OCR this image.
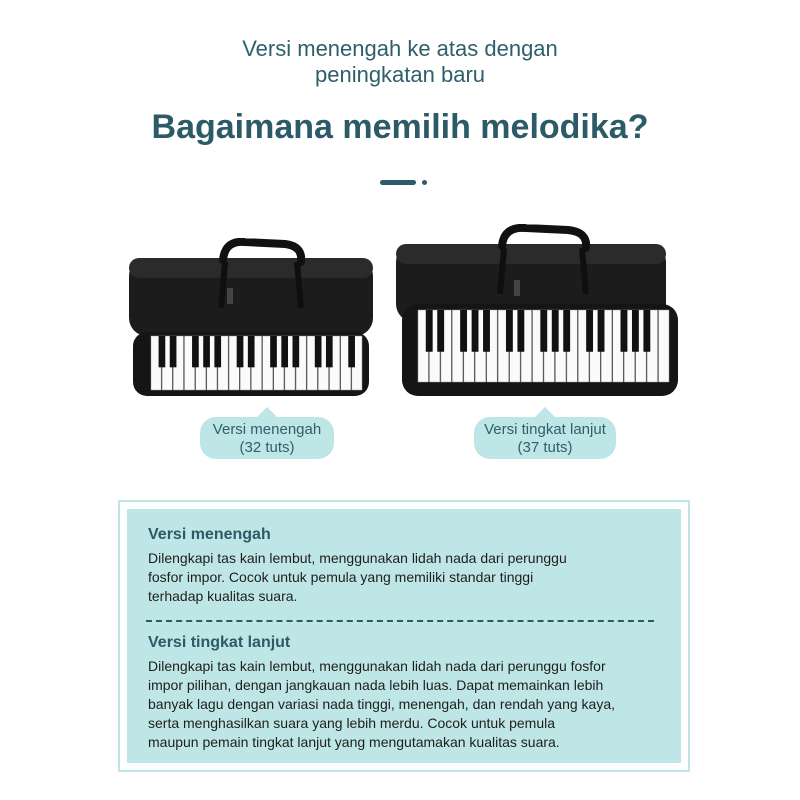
Versi menengah ke atas dengan
peningkatan baru
Bagaimana memilih melodika?
Versi menengah
(32 tuts)
Versi tingkat lanjut
(37 tuts)
Versi menengah
Dilengkapi tas kain lembut, menggunakan lidah nada dari perunggu
fosfor impor. Cocok untuk pemula yang memiliki standar tinggi
terhadap kualitas suara.
Versi tingkat lanjut
Dilengkapi tas kain lembut, menggunakan lidah nada dari perunggu fosfor
impor pilihan, dengan jangkauan nada lebih luas. Dapat memainkan lebih
banyak lagu dengan variasi nada tinggi, menengah, dan rendah yang kaya,
serta menghasilkan suara yang lebih merdu. Cocok untuk pemula
maupun pemain tingkat lanjut yang mengutamakan kualitas suara.
